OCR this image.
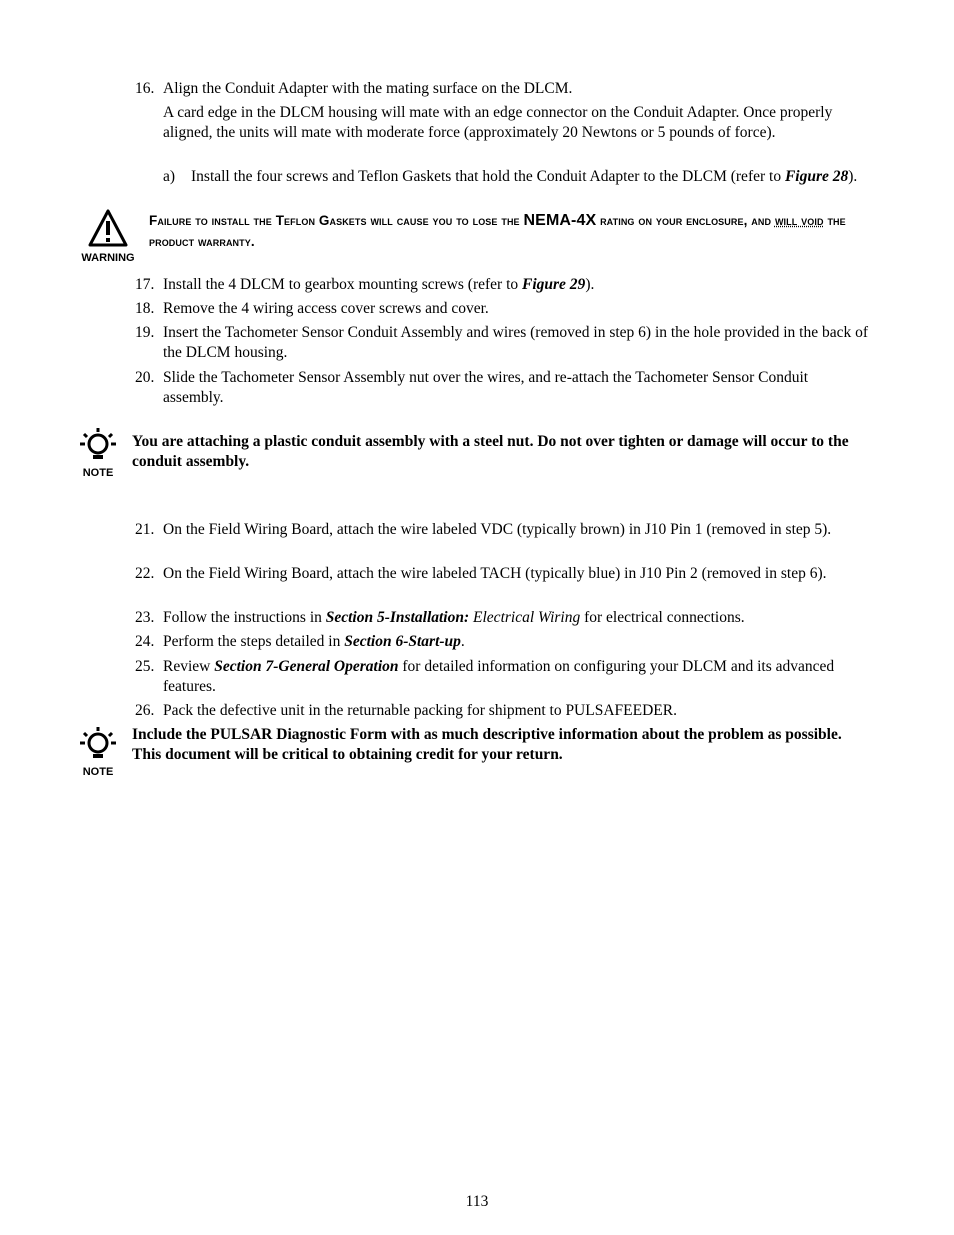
16. Align the Conduit Adapter with the mating surface on the DLCM.
A card edge in the DLCM housing will mate with an edge connector on the Conduit Adapter. Once properly aligned, the units will mate with moderate force (approximately 20 Newtons or 5 pounds of force).
a) Install the four screws and Teflon Gaskets that hold the Conduit Adapter to the DLCM (refer to Figure 28).
WARNING
Failure to install the Teflon Gaskets will cause you to lose the NEMA-4X rating on your enclosure, and will void the product warranty.
17. Install the 4 DLCM to gearbox mounting screws (refer to Figure 29).
18. Remove the 4 wiring access cover screws and cover.
19. Insert the Tachometer Sensor Conduit Assembly and wires (removed in step 6) in the hole provided in the back of the DLCM housing.
20. Slide the Tachometer Sensor Assembly nut over the wires, and re-attach the Tachometer Sensor Conduit assembly.
NOTE
You are attaching a plastic conduit assembly with a steel nut. Do not over tighten or damage will occur to the conduit assembly.
21. On the Field Wiring Board, attach the wire labeled VDC (typically brown) in J10 Pin 1 (removed in step 5).
22. On the Field Wiring Board, attach the wire labeled TACH (typically blue) in J10 Pin 2 (removed in step 6).
23. Follow the instructions in Section 5-Installation: Electrical Wiring for electrical connections.
24. Perform the steps detailed in Section 6-Start-up.
25. Review Section 7-General Operation for detailed information on configuring your DLCM and its advanced features.
26. Pack the defective unit in the returnable packing for shipment to PULSAFEEDER.
NOTE
Include the PULSAR Diagnostic Form with as much descriptive information about the problem as possible. This document will be critical to obtaining credit for your return.
113
